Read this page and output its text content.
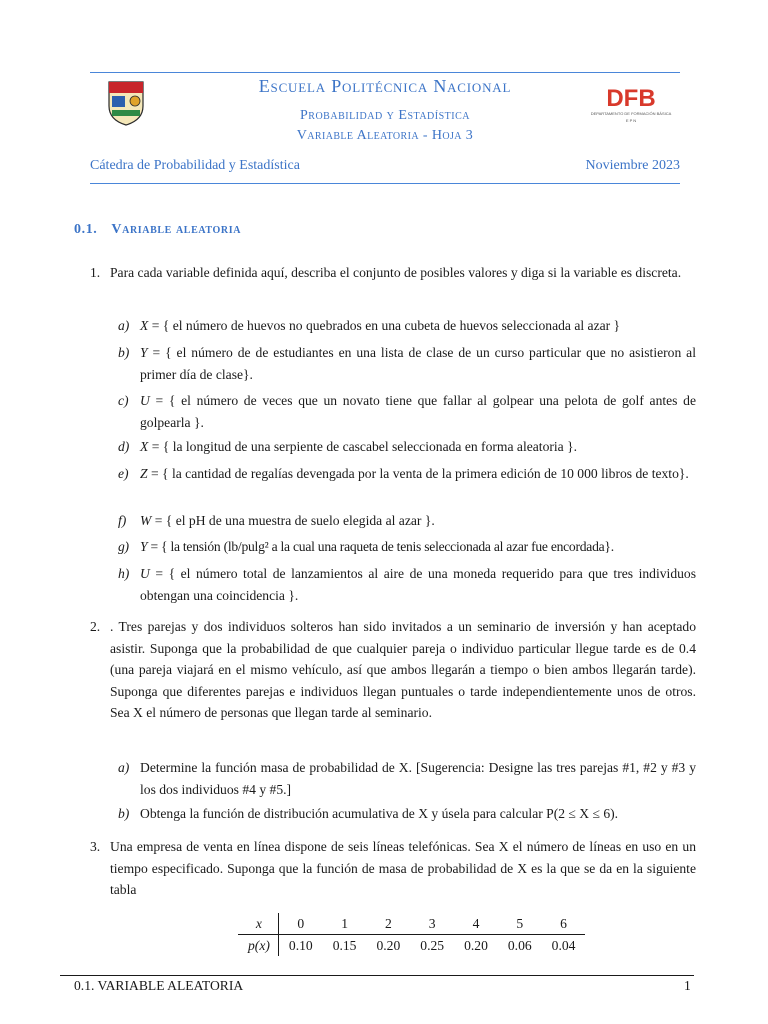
Escuela Politécnica Nacional
Probabilidad y Estadística
Variable Aleatoria - Hoja 3
DFB
DEPARTAMENTO DE FORMACIÓN BÁSICA
E P N
Cátedra de Probabilidad y Estadística	Noviembre 2023
0.1. Variable aleatoria
1. Para cada variable definida aquí, describa el conjunto de posibles valores y diga si la variable es discreta.
a) X = { el número de huevos no quebrados en una cubeta de huevos seleccionada al azar }
b) Y = { el número de de estudiantes en una lista de clase de un curso particular que no asistieron al primer día de clase}.
c) U = { el número de veces que un novato tiene que fallar al golpear una pelota de golf antes de golpearla }.
d) X = { la longitud de una serpiente de cascabel seleccionada en forma aleatoria }.
e) Z = { la cantidad de regalías devengada por la venta de la primera edición de 10 000 libros de texto}.
f) W = { el pH de una muestra de suelo elegida al azar }.
g) Y = { la tensión (lb/pulg² a la cual una raqueta de tenis seleccionada al azar fue encordada}.
h) U = { el número total de lanzamientos al aire de una moneda requerido para que tres individuos obtengan una coincidencia }.
2. . Tres parejas y dos individuos solteros han sido invitados a un seminario de inversión y han aceptado asistir. Suponga que la probabilidad de que cualquier pareja o individuo particular llegue tarde es de 0.4 (una pareja viajará en el mismo vehículo, así que ambos llegarán a tiempo o bien ambos llegarán tarde). Suponga que diferentes parejas e individuos llegan puntuales o tarde independientemente unos de otros. Sea X el número de personas que llegan tarde al seminario.
a) Determine la función masa de probabilidad de X. [Sugerencia: Designe las tres parejas #1, #2 y #3 y los dos individuos #4 y #5.]
b) Obtenga la función de distribución acumulativa de X y úsela para calcular P(2 ≤ X ≤ 6).
3. Una empresa de venta en línea dispone de seis líneas telefónicas. Sea X el número de líneas en uso en un tiempo especificado. Suponga que la función de masa de probabilidad de X es la que se da en la siguiente tabla
x	0	1	2	3	4	5	6
p(x)	0.10	0.15	0.20	0.25	0.20	0.06	0.04
0.1. VARIABLE ALEATORIA	1
